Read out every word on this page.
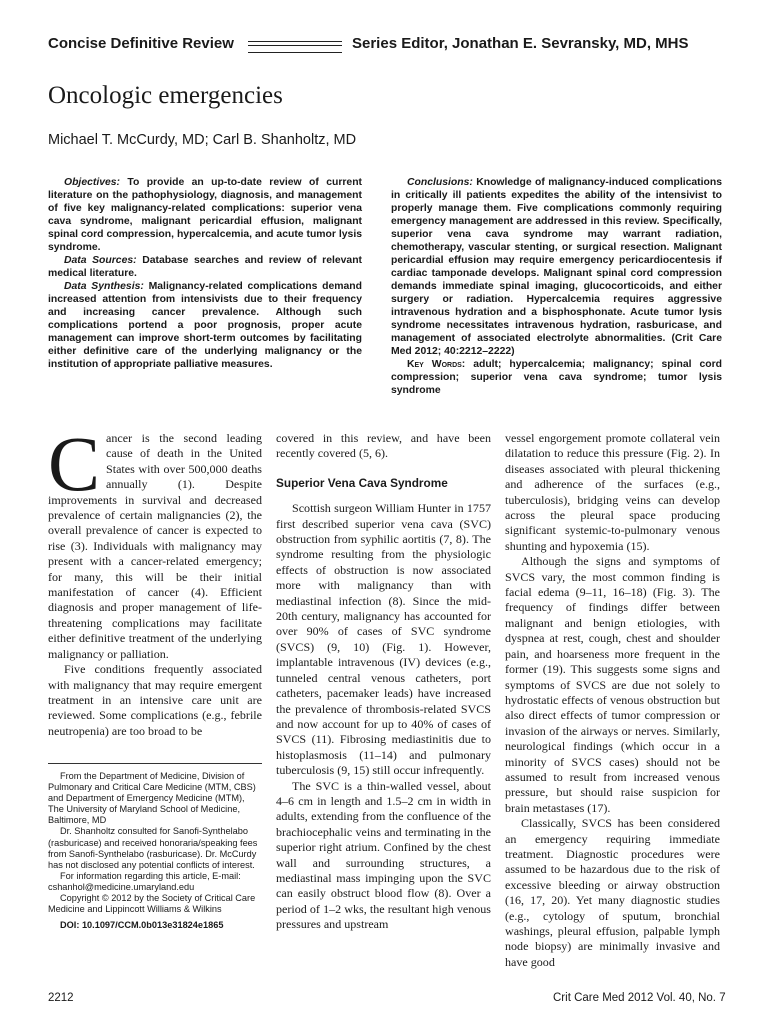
Concise Definitive Review	Series Editor, Jonathan E. Sevransky, MD, MHS
Oncologic emergencies
Michael T. McCurdy, MD; Carl B. Shanholtz, MD

Objectives: To provide an up-to-date review of current literature on the pathophysiology, diagnosis, and management of five key malignancy-related complications: superior vena cava syndrome, malignant pericardial effusion, malignant spinal cord compression, hypercalcemia, and acute tumor lysis syndrome.

Data Sources: Database searches and review of relevant medical literature.

Data Synthesis: Malignancy-related complications demand increased attention from intensivists due to their frequency and increasing cancer prevalence. Although such complications portend a poor prognosis, proper acute management can improve short-term outcomes by facilitating either definitive care of the underlying malignancy or the institution of appropriate palliative measures.

Conclusions: Knowledge of malignancy-induced complications in critically ill patients expedites the ability of the intensivist to properly manage them. Five complications commonly requiring emergency management are addressed in this review. Specifically, superior vena cava syndrome may warrant radiation, chemotherapy, vascular stenting, or surgical resection. Malignant pericardial effusion may require emergency pericardiocentesis if cardiac tamponade develops. Malignant spinal cord compression demands immediate spinal imaging, glucocorticoids, and either surgery or radiation. Hypercalcemia requires aggressive intravenous hydration and a bisphosphonate. Acute tumor lysis syndrome necessitates intravenous hydration, rasburicase, and management of associated electrolyte abnormalities. (Crit Care Med 2012; 40:2212–2222)

Key Words: adult; hypercalcemia; malignancy; spinal cord compression; superior vena cava syndrome; tumor lysis syndrome

C ancer is the second leading cause of death in the United States with over 500,000 deaths annually (1). Despite improvements in survival and decreased prevalence of certain malignancies (2), the overall prevalence of cancer is expected to rise (3). Individuals with malignancy may present with a cancer-related emergency; for many, this will be their initial manifestation of cancer (4). Efficient diagnosis and proper management of life-threatening complications may facilitate either definitive treatment of the underlying malignancy or palliation.

Five conditions frequently associated with malignancy that may require emergent treatment in an intensive care unit are reviewed. Some complications (e.g., febrile neutropenia) are too broad to be

From the Department of Medicine, Division of Pulmonary and Critical Care Medicine (MTM, CBS) and Department of Emergency Medicine (MTM), The University of Maryland School of Medicine, Baltimore, MD

Dr. Shanholtz consulted for Sanofi-Synthelabo (rasburicase) and received honoraria/speaking fees from Sanofi-Synthelabo (rasburicase). Dr. McCurdy has not disclosed any potential conflicts of interest.

For information regarding this article, E-mail: cshanhol@medicine.umaryland.edu

Copyright © 2012 by the Society of Critical Care Medicine and Lippincott Williams & Wilkins

DOI: 10.1097/CCM.0b013e31824e1865

covered in this review, and have been recently covered (5, 6).

Superior Vena Cava Syndrome

Scottish surgeon William Hunter in 1757 first described superior vena cava (SVC) obstruction from syphilic aortitis (7, 8). The syndrome resulting from the physiologic effects of obstruction is now associated more with malignancy than with mediastinal infection (8). Since the mid-20th century, malignancy has accounted for over 90% of cases of SVC syndrome (SVCS) (9, 10) (Fig. 1). However, implantable intravenous (IV) devices (e.g., tunneled central venous catheters, port catheters, pacemaker leads) have increased the prevalence of thrombosis-related SVCS and now account for up to 40% of cases of SVCS (11). Fibrosing mediastinitis due to histoplasmosis (11–14) and pulmonary tuberculosis (9, 15) still occur infrequently.

The SVC is a thin-walled vessel, about 4–6 cm in length and 1.5–2 cm in width in adults, extending from the confluence of the brachiocephalic veins and terminating in the superior right atrium. Confined by the chest wall and surrounding structures, a mediastinal mass impinging upon the SVC can easily obstruct blood flow (8). Over a period of 1–2 wks, the resultant high venous pressures and upstream

vessel engorgement promote collateral vein dilatation to reduce this pressure (Fig. 2). In diseases associated with pleural thickening and adherence of the surfaces (e.g., tuberculosis), bridging veins can develop across the pleural space producing significant systemic-to-pulmonary venous shunting and hypoxemia (15).

Although the signs and symptoms of SVCS vary, the most common finding is facial edema (9–11, 16–18) (Fig. 3). The frequency of findings differ between malignant and benign etiologies, with dyspnea at rest, cough, chest and shoulder pain, and hoarseness more frequent in the former (19). This suggests some signs and symptoms of SVCS are due not solely to hydrostatic effects of venous obstruction but also direct effects of tumor compression or invasion of the airways or nerves. Similarly, neurological findings (which occur in a minority of SVCS cases) should not be assumed to result from increased venous pressure, but should raise suspicion for brain metastases (17).

Classically, SVCS has been considered an emergency requiring immediate treatment. Diagnostic procedures were assumed to be hazardous due to the risk of excessive bleeding or airway obstruction (16, 17, 20). Yet many diagnostic studies (e.g., cytology of sputum, bronchial washings, pleural effusion, palpable lymph node biopsy) are minimally invasive and have good

2212	Crit Care Med 2012 Vol. 40, No. 7
